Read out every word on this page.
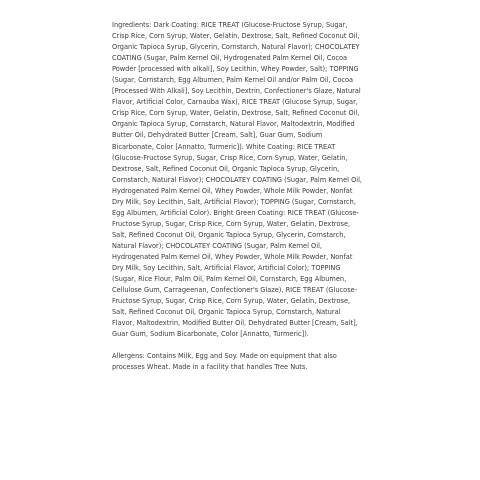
Ingredients: Dark Coating: RICE TREAT (Glucose-Fructose Syrup, Sugar, Crisp Rice, Corn Syrup, Water, Gelatin, Dextrose, Salt, Refined Coconut Oil, Organic Tapioca Syrup, Glycerin, Cornstarch, Natural Flavor); CHOCOLATEY COATING (Sugar, Palm Kernel Oil, Hydrogenated Palm Kernel Oil, Cocoa Powder [processed with alkali], Soy Lecithin, Whey Powder, Salt); TOPPING (Sugar, Cornstarch, Egg Albumen, Palm Kernel Oil and/or Palm Oil, Cocoa [Processed With Alkali], Soy Lecithin, Dextrin, Confectioner's Glaze, Natural Flavor, Artificial Color, Carnauba Wax), RICE TREAT (Glucose Syrup, Sugar, Crisp Rice, Corn Syrup, Water, Gelatin, Dextrose, Salt, Refined Coconut Oil, Organic Tapioca Syrup, Cornstarch, Natural Flavor, Maltodextrin, Modified Butter Oil, Dehydrated Butter [Cream, Salt], Guar Gum, Sodium Bicarbonate, Color [Annatto, Turmeric]). White Coating: RICE TREAT (Glucose-Fructose Syrup, Sugar, Crisp Rice, Corn Syrup, Water, Gelatin, Dextrose, Salt, Refined Coconut Oil, Organic Tapioca Syrup, Glycerin, Cornstarch, Natural Flavor); CHOCOLATEY COATING (Sugar, Palm Kernel Oil, Hydrogenated Palm Kernel Oil, Whey Powder, Whole Milk Powder, Nonfat Dry Milk, Soy Lecithin, Salt, Artificial Flavor); TOPPING (Sugar, Cornstarch, Egg Albumen, Artificial Color). Bright Green Coating: RICE TREAT (Glucose-Fructose Syrup, Sugar, Crisp Rice, Corn Syrup, Water, Gelatin, Dextrose, Salt, Refined Coconut Oil, Organic Tapioca Syrup, Glycerin, Cornstarch, Natural Flavor); CHOCOLATEY COATING (Sugar, Palm Kernel Oil, Hydrogenated Palm Kernel Oil, Whey Powder, Whole Milk Powder, Nonfat Dry Milk, Soy Lecithin, Salt, Artificial Flavor, Artificial Color); TOPPING (Sugar, Rice Flour, Palm Oil, Palm Kernel Oil, Cornstarch, Egg Albumen, Cellulose Gum, Carrageenan, Confectioner's Glaze), RICE TREAT (Glucose-Fructose Syrup, Sugar, Crisp Rice, Corn Syrup, Water, Gelatin, Dextrose, Salt, Refined Coconut Oil, Organic Tapioca Syrup, Cornstarch, Natural Flavor, Maltodextrin, Modified Butter Oil, Dehydrated Butter [Cream, Salt], Guar Gum, Sodium Bicarbonate, Color [Annatto, Turmeric]).

Allergens: Contains Milk, Egg and Soy. Made on equipment that also processes Wheat. Made in a facility that handles Tree Nuts.
